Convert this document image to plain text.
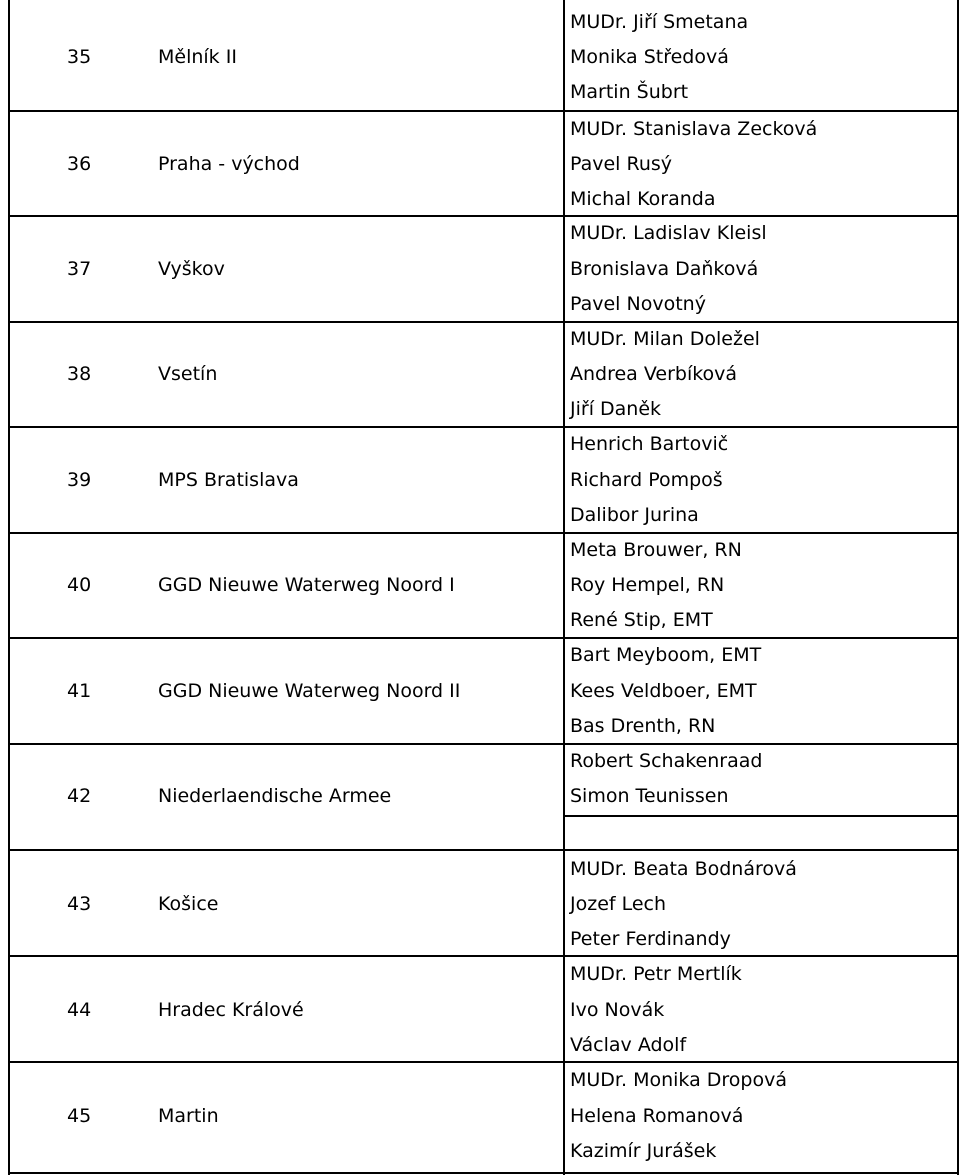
35	Mělník II
MUDr. Jiří Smetana
Monika Středová
Martin Šubrt
36	Praha - východ
MUDr. Stanislava Zecková
Pavel Rusý
Michal Koranda
37	Vyškov
MUDr. Ladislav Kleisl
Bronislava Daňková
Pavel Novotný
38	Vsetín
MUDr. Milan Doležel
Andrea Verbíková
Jiří Daněk
39	MPS Bratislava
Henrich Bartovič
Richard Pompoš
Dalibor Jurina
40	GGD Nieuwe Waterweg Noord I
Meta Brouwer, RN
Roy Hempel, RN
René Stip, EMT
41	GGD Nieuwe Waterweg Noord II
Bart Meyboom, EMT
Kees Veldboer, EMT
Bas Drenth, RN
42	Niederlaendische Armee
Robert Schakenraad
Simon Teunissen
43	Košice
MUDr. Beata Bodnárová
Jozef Lech
Peter Ferdinandy
44	Hradec Králové
MUDr. Petr Mertlík
Ivo Novák
Václav Adolf
45	Martin
MUDr. Monika Dropová
Helena Romanová
Kazimír Jurášek
